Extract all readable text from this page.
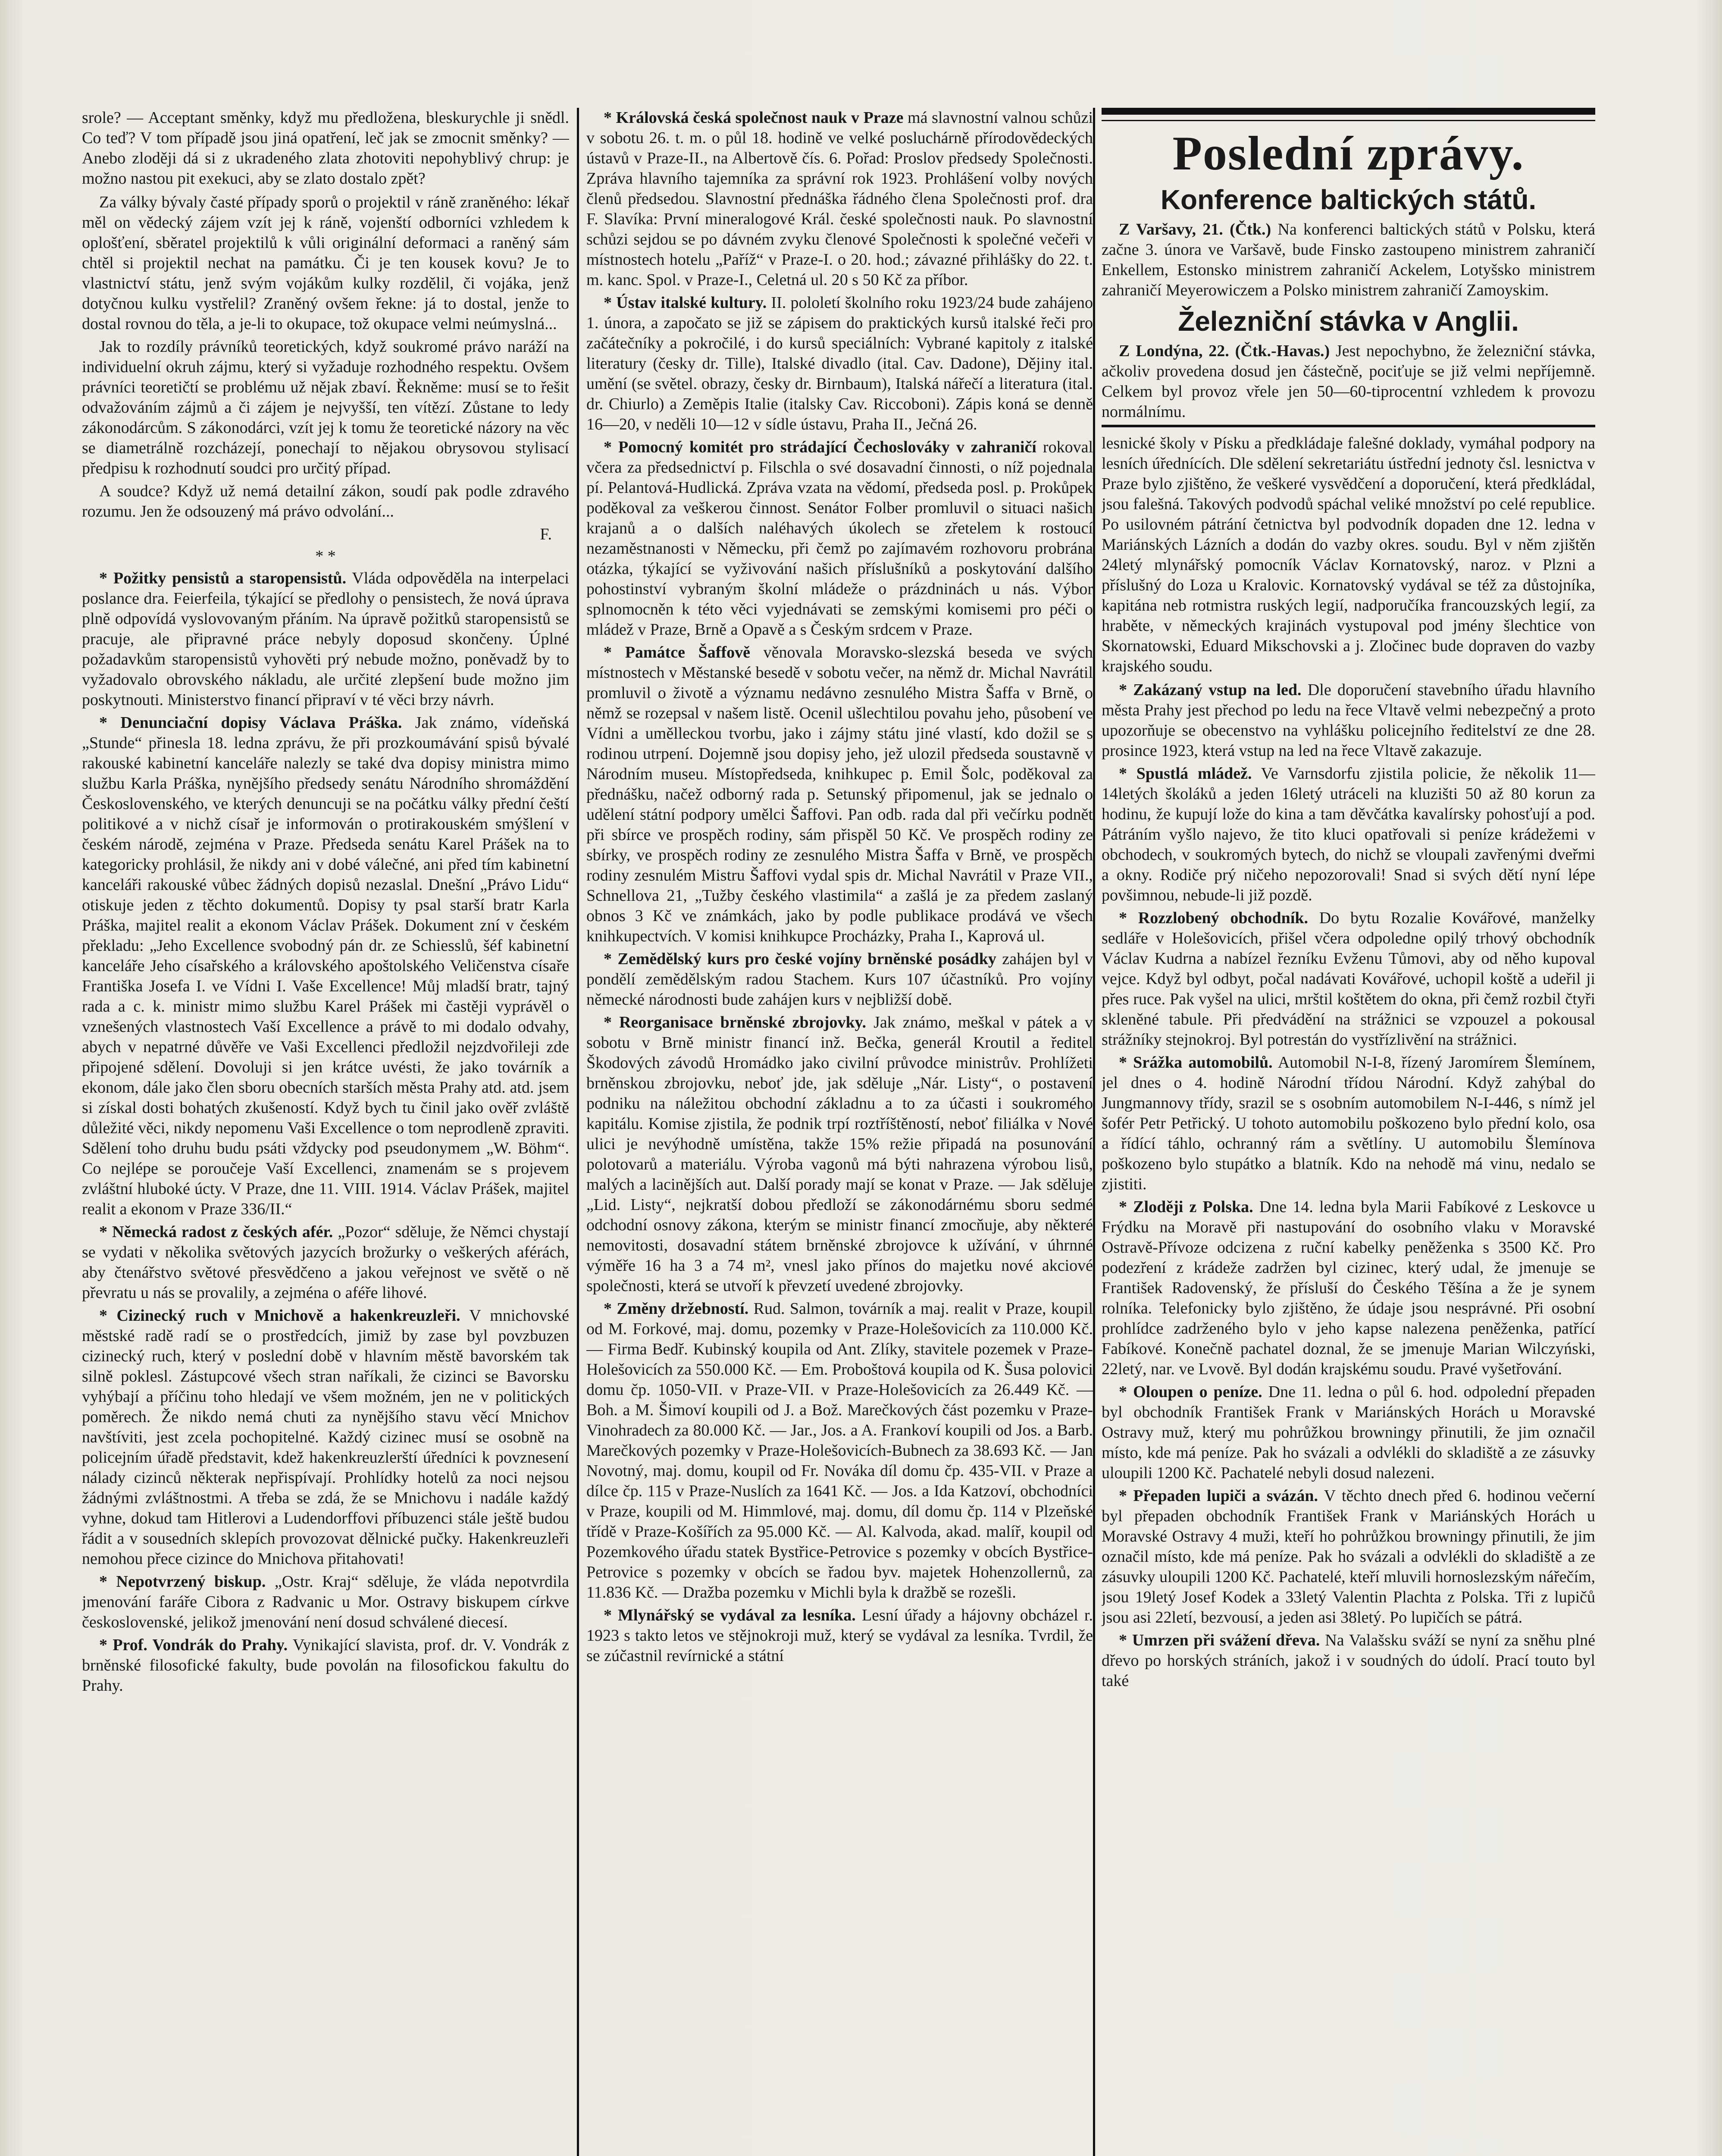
srole? — Acceptant směnky, když mu předložena, bleskurychle ji snědl. Co teď? V tom případě jsou jiná opatření, leč jak se zmocnit směnky? — Anebo zloději dá si z ukradeného zlata zhotoviti nepohyblivý chrup: je možno nastou pit exekuci, aby se zlato dostalo zpět?

Za války bývaly časté případy sporů o projektil v ráně zraněného: lékař měl on vědecký zájem vzít jej k ráně, vojenští odborníci vzhledem k oplošťení, sběratel projektilů k vůli originální deformaci a raněný sám chtěl si projektil nechat na památku. Či je ten kousek kovu? Je to vlastnictví státu, jenž svým vojákům kulky rozdělil, či vojáka, jenž dotyčnou kulku vystřelil? Zraněný ovšem řekne: já to dostal, jenže to dostal rovnou do těla, a je-li to okupace, tož okupace velmi neúmyslná...

Jak to rozdíly právníků teoretických, když soukromé právo naráží na individuelní okruh zájmu, který si vyžaduje rozhodného respektu. Ovšem právníci teoretičtí se problému už nějak zbaví. Řekněme: musí se to řešit odvažováním zájmů a či zájem je nejvyšší, ten vítězí. Zůstane to ledy zákonodárcům. S zákonodárci, vzít jej k tomu že teoretické názory na věc se diametrálně rozcházejí, ponechají to nějakou obrysovou stylisací předpisu k rozhodnutí soudci pro určitý případ.

A soudce? Když už nemá detailní zákon, soudí pak podle zdravého rozumu. Jen že odsouzený má právo odvolání...

F.
* *
* Požitky pensistů a staropensistů. Vláda odpověděla na interpelaci poslance dra. Feierfeila, týkající se předlohy o pensistech, že nová úprava plně odpovídá vyslovovaným přáním. Na úpravě požitků staropensistů se pracuje, ale připravné práce nebyly doposud skončeny. Úplné požadavkům staropensistů vyhověti prý nebude možno, poněvadž by to vyžadovalo obrovského nákladu, ale určité zlepšení bude možno jim poskytnouti. Ministerstvo financí připraví v té věci brzy návrh.
* Denunciační dopisy Václava Práška. Jak známo, vídeňská „Stunde“ přinesla 18. ledna zprávu, že při prozkoumávání spisů bývalé rakouské kabinetní kanceláře nalezly se také dva dopisy ministra mimo službu Karla Práška, nynějšího předsedy senátu Národního shromáždění Československého, ve kterých denuncuji se na počátku války přední čeští politikové a v nichž císař je informován o protirakouském smýšlení v českém národě, zejména v Praze. Předseda senátu Karel Prášek na to kategoricky prohlásil, že nikdy ani v dobé válečné, ani před tím kabinetní kanceláři rakouské vůbec žádných dopisů nezaslal. Dnešní „Právo Lidu“ otiskuje jeden z těchto dokumentů. Dopisy ty psal starší bratr Karla Práška, majitel realit a ekonom Václav Prášek. Dokument zní v českém překladu: „Jeho Excellence svobodný pán dr. ze Schiesslů, šéf kabinetní kanceláře Jeho císařského a královského apoštolského Veličenstva císaře Františka Josefa I. ve Vídni I. Vaše Excellence! Můj mladší bratr, tajný rada a c. k. ministr mimo službu Karel Prášek mi častěji vyprávěl o vznešených vlastnostech Vaší Excellence a právě to mi dodalo odvahy, abych v nepatrné důvěře ve Vaši Excellenci předložil nejzdvořileji zde připojené sdělení. Dovoluji si jen krátce uvésti, že jako továrník a ekonom, dále jako člen sboru obecních starších města Prahy atd. atd. jsem si získal dosti bohatých zkušeností. Když bych tu činil jako ověř zvláště důležité věci, nikdy nepomenu Vaši Excellence o tom neprodleně zpraviti. Sdělení toho druhu budu psáti vždycky pod pseudonymem „W. Böhm“. Co nejlépe se poroučeje Vaší Excellenci, znamenám se s projevem zvláštní hluboké úcty. V Praze, dne 11. VIII. 1914. Václav Prášek, majitel realit a ekonom v Praze 336/II.“
* Německá radost z českých afér. „Pozor“ sděluje, že Němci chystají se vydati v několika světových jazycích brožurky o veškerých aférách, aby čtenářstvo světové přesvědčeno a jakou veřejnost ve světě o ně převratu u nás se provalily, a zejména o aféře lihové.
* Cizinecký ruch v Mnichově a hakenkreuzleři. V mnichovské městské radě radí se o prostředcích, jimiž by zase byl povzbuzen cizinecký ruch, který v poslední době v hlavním městě bavorském tak silně poklesl. Zástupcové všech stran naříkali, že cizinci se Bavorsku vyhýbají a příčinu toho hledají ve všem možném, jen ne v politických poměrech. Že nikdo nemá chuti za nynějšího stavu věcí Mnichov navštíviti, jest zcela pochopitelné. Každý cizinec musí se osobně na policejním úřadě představit, kdež hakenkreuzlerští úředníci k povznesení nálady cizinců některak nepřispívají. Prohlídky hotelů za noci nejsou žádnými zvláštnostmi. A třeba se zdá, že se Mnichovu i nadále každý vyhne, dokud tam Hitlerovi a Ludendorffovi příbuzenci stále ještě budou řádit a v sousedních sklepích provozovat dělnické pučky. Hakenkreuzleři nemohou přece cizince do Mnichova přitahovati!
* Nepotvrzený biskup. „Ostr. Kraj“ sděluje, že vláda nepotvrdila jmenování faráře Cibora z Radvanic u Mor. Ostravy biskupem církve československé, jelikož jmenování není dosud schválené diecesí.
* Prof. Vondrák do Prahy. Vynikající slavista, prof. dr. V. Vondrák z brněnské filosofické fakulty, bude povolán na filosofickou fakultu do Prahy.
* Královská česká společnost nauk v Praze má slavnostní valnou schůzi v sobotu 26. t. m. o půl 18. hodině ve velké posluchárně přírodovědeckých ústavů v Praze-II., na Albertově čís. 6. Pořad: Proslov předsedy Společnosti. Zpráva hlavního tajemníka za správní rok 1923. Prohlášení volby nových členů předsedou. Slavnostní přednáška řádného člena Společnosti prof. dra F. Slavíka: První mineralogové Král. české společnosti nauk. Po slavnostní schůzi sejdou se po dávném zvyku členové Společnosti k společné večeři v místnostech hotelu „Paříž“ v Praze-I. o 20. hod.; závazné přihlášky do 22. t. m. kanc. Spol. v Praze-I., Celetná ul. 20 s 50 Kč za příbor.
* Ústav italské kultury. II. pololetí školního roku 1923/24 bude zahájeno 1. února, a započato se již se zápisem do praktických kursů italské řeči pro začátečníky a pokročilé, i do kursů speciálních: Vybrané kapitoly z italské literatury (česky dr. Tille), Italské divadlo (ital. Cav. Dadone), Dějiny ital. umění (se světel. obrazy, česky dr. Birnbaum), Italská nářečí a literatura (ital. dr. Chiurlo) a Zeměpis Italie (italsky Cav. Riccoboni). Zápis koná se denně 16—20, v neděli 10—12 v sídle ústavu, Praha II., Ječná 26.
* Pomocný komitét pro strádající Čechoslováky v zahraničí rokoval včera za předsednictví p. Filschla o své dosavadní činnosti, o níž pojednala pí. Pelantová-Hudlická. Zpráva vzata na vědomí, předseda posl. p. Prokůpek poděkoval za veškerou činnost. Senátor Folber promluvil o situaci našich krajanů a o dalších naléhavých úkolech se zřetelem k rostoucí nezaměstnanosti v Německu, při čemž po zajímavém rozhovoru probrána otázka, týkající se vyživování našich příslušníků a poskytování dalšího pohostinství vybraným školní mládeže o prázdninách u nás. Výbor splnomocněn k této věci vyjednávati se zemskými komisemi pro péči o mládež v Praze, Brně a Opavě a s Českým srdcem v Praze.
* Památce Šaffově věnovala Moravsko-slezská beseda ve svých místnostech v Městanské besedě v sobotu večer, na němž dr. Michal Navrátil promluvil o životě a významu nedávno zesnulého Mistra Šaffa v Brně, o němž se rozepsal v našem listě. Ocenil ušlechtilou povahu jeho, působení ve Vídni a umělleckou tvorbu, jako i zájmy státu jiné vlastí, kdo dožil se s rodinou utrpení. Dojemně jsou dopisy jeho, jež ulozil předseda soustavně v Národním museu. Místopředseda, knihkupec p. Emil Šolc, poděkoval za přednášku, načež odborný rada p. Setunský připomenul, jak se jednalo o udělení státní podpory umělci Šaffovi. Pan odb. rada dal při večírku podnět při sbírce ve prospěch rodiny, sám přispěl 50 Kč. Ve prospěch rodiny ze sbírky, ve prospěch rodiny ze zesnulého Mistra Šaffa v Brně, ve prospěch rodiny zesnulém Mistru Šaffovi vydal spis dr. Michal Navrátil v Praze VII., Schnellova 21, „Tužby českého vlastimila“ a zašlá je za předem zaslaný obnos 3 Kč ve známkách, jako by podle publikace prodává ve všech knihkupectvích. V komisi knihkupce Procházky, Praha I., Kaprová ul.
* Zemědělský kurs pro české vojíny brněnské posádky zahájen byl v pondělí zemědělským radou Stachem. Kurs 107 účastníků. Pro vojíny německé národnosti bude zahájen kurs v nejbližší době.
* Reorganisace brněnské zbrojovky. Jak známo, meškal v pátek a v sobotu v Brně ministr financí inž. Bečka, generál Kroutil a ředitel Škodových závodů Hromádko jako civilní průvodce ministrův. Prohlížeti brněnskou zbrojovku, neboť jde, jak sděluje „Nár. Listy“, o postavení podniku na náležitou obchodní základnu a to za účasti i soukromého kapitálu. Komise zjistila, že podnik trpí roztříštěností, neboť filiálka v Nové ulici je nevýhodně umístěna, takže 15% režie připadá na posunování polotovarů a materiálu. Výroba vagonů má býti nahrazena výrobou lisů, malých a lacinějších aut. Další porady mají se konat v Praze. — Jak sděluje „Lid. Listy“, nejkratší dobou předloží se zákonodárnému sboru sedmé odchodní osnovy zákona, kterým se ministr financí zmocňuje, aby některé nemovitosti, dosavadní státem brněnské zbrojovce k užívání, v úhrnné výměře 16 ha 3 a 74 m², vnesl jako přínos do majetku nové akciové společnosti, která se utvoří k převzetí uvedené zbrojovky.
* Změny držebností. Rud. Salmon, továrník a maj. realit v Praze, koupil od M. Forkové, maj. domu, pozemky v Praze-Holešovicích za 110.000 Kč. — Firma Bedř. Kubinský koupila od Ant. Zlíky, stavitele pozemek v Praze-Holešovicích za 550.000 Kč. — Em. Proboštová koupila od K. Šusa polovici domu čp. 1050-VII. v Praze-VII. v Praze-Holešovicích za 26.449 Kč. — Boh. a M. Šimoví koupili od J. a Bož. Marečkových část pozemku v Praze-Vinohradech za 80.000 Kč. — Jar., Jos. a A. Frankoví koupili od Jos. a Barb. Marečkových pozemky v Praze-Holešovicích-Bubnech za 38.693 Kč. — Jan Novotný, maj. domu, koupil od Fr. Nováka díl domu čp. 435-VII. v Praze a dílce čp. 115 v Praze-Nuslích za 1641 Kč. — Jos. a Ida Katzoví, obchodníci v Praze, koupili od M. Himmlové, maj. domu, díl domu čp. 114 v Plzeňské třídě v Praze-Košířích za 95.000 Kč. — Al. Kalvoda, akad. malíř, koupil od Pozemkového úřadu statek Bystřice-Petrovice s pozemky v obcích Bystřice-Petrovice s pozemky v obcích se řadou byv. majetek Hohenzollernů, za 11.836 Kč. — Dražba pozemku v Michli byla k dražbě se rozešli.
* Mlynářský se vydával za lesníka. Lesní úřady a hájovny obcházel r. 1923 s takto letos ve stějnokroji muž, který se vydával za lesníka. Tvrdil, že se zúčastnil revírnické a státní
Poslední zprávy.
Konference baltických států.

Z Varšavy, 21. (Čtk.) Na konferenci baltických států v Polsku, která začne 3. února ve Varšavě, bude Finsko zastoupeno ministrem zahraničí Enkellem, Estonsko ministrem zahraničí Ackelem, Lotyšsko ministrem zahraničí Meyerowiczem a Polsko ministrem zahraničí Zamoyskim.

Železniční stávka v Anglii.

Z Londýna, 22. (Čtk.-Havas.) Jest nepochybno, že železniční stávka, ačkoliv provedena dosud jen částečně, pociťuje se již velmi nepříjemně. Celkem byl provoz vřele jen 50—60-tiprocentní vzhledem k provozu normálnímu.

lesnické školy v Písku a předkládaje falešné doklady, vymáhal podpory na lesních úřednících. Dle sdělení sekretariátu ústřední jednoty čsl. lesnictva v Praze bylo zjištěno, že veškeré vysvědčení a doporučení, která předkládal, jsou falešná. Takových podvodů spáchal veliké množství po celé republice. Po usilovném pátrání četnictva byl podvodník dopaden dne 12. ledna v Mariánských Lázních a dodán do vazby okres. soudu. Byl v něm zjištěn 24letý mlynářský pomocník Václav Kornatovský, naroz. v Plzni a příslušný do Loza u Kralovic. Kornatovský vydával se též za důstojníka, kapitána neb rotmistra ruských legií, nadporučíka francouzských legií, za hraběte, v německých krajinách vystupoval pod jmény šlechtice von Skornatowski, Eduard Mikschovski a j. Zločinec bude dopraven do vazby krajského soudu.
* Zakázaný vstup na led. Dle doporučení stavebního úřadu hlavního města Prahy jest přechod po ledu na řece Vltavě velmi nebezpečný a proto upozorňuje se obecenstvo na vyhlášku policejního ředitelství ze dne 28. prosince 1923, která vstup na led na řece Vltavě zakazuje.
* Spustlá mládež. Ve Varnsdorfu zjistila policie, že několik 11—14letých školáků a jeden 16letý utráceli na kluzišti 50 až 80 korun za hodinu, že kupují lože do kina a tam děvčátka kavalírsky pohosťují a pod. Pátráním vyšlo najevo, že tito kluci opatřovali si peníze krádežemi v obchodech, v soukromých bytech, do nichž se vloupali zavřenými dveřmi a okny. Rodiče prý ničeho nepozorovali! Snad si svých dětí nyní lépe povšimnou, nebude-li již pozdě.
* Rozzlobený obchodník. Do bytu Rozalie Kovářové, manželky sedláře v Holešovicích, přišel včera odpoledne opilý trhový obchodník Václav Kudrna a nabízel řezníku Evženu Tůmovi, aby od něho kupoval vejce. Když byl odbyt, počal nadávati Kovářové, uchopil koště a udeřil ji přes ruce. Pak vyšel na ulici, mrštil koštětem do okna, při čemž rozbil čtyři skleněné tabule. Při předvádění na strážnici se vzpouzel a pokousal strážníky stejnokroj. Byl potrestán do vystřízlivění na strážnici.
* Srážka automobilů. Automobil N-I-8, řízený Jaromírem Šlemínem, jel dnes o 4. hodině Národní třídou Národní. Když zahýbal do Jungmannovy třídy, srazil se s osobním automobilem N-I-446, s nímž jel šofér Petr Petřický. U tohoto automobilu poškozeno bylo přední kolo, osa a řídící táhlo, ochranný rám a světlíny. U automobilu Šlemínova poškozeno bylo stupátko a blatník. Kdo na nehodě má vinu, nedalo se zjistiti.
* Zloději z Polska. Dne 14. ledna byla Marii Fabíkové z Leskovce u Frýdku na Moravě při nastupování do osobního vlaku v Moravské Ostravě-Přívoze odcizena z ruční kabelky peněženka s 3500 Kč. Pro podezření z krádeže zadržen byl cizinec, který udal, že jmenuje se František Radovenský, že přísluší do Českého Těšína a že je synem rolníka. Telefonicky bylo zjištěno, že údaje jsou nesprávné. Při osobní prohlídce zadrženého bylo v jeho kapse nalezena peněženka, patřící Fabíkové. Konečně pachatel doznal, že se jmenuje Marian Wilczyński, 22letý, nar. ve Lvově. Byl dodán krajskému soudu. Pravé vyšetřování.
* Oloupen o peníze. Dne 11. ledna o půl 6. hod. odpolední přepaden byl obchodník František Frank v Mariánských Horách u Moravské Ostravy muž, který mu pohrůžkou browningy přinutili, že jim označil místo, kde má peníze. Pak ho svázali a odvlékli do skladiště a ze zásuvky uloupili 1200 Kč. Pachatelé nebyli dosud nalezeni.
* Přepaden lupiči a svázán. V těchto dnech před 6. hodinou večerní byl přepaden obchodník František Frank v Mariánských Horách u Moravské Ostravy 4 muži, kteří ho pohrůžkou browningy přinutili, že jim označil místo, kde má peníze. Pak ho svázali a odvlékli do skladiště a ze zásuvky uloupili 1200 Kč. Pachatelé, kteří mluvili hornoslezským nářečím, jsou 19letý Josef Kodek a 33letý Valentin Plachta z Polska. Tři z lupičů jsou asi 22letí, bezvousí, a jeden asi 38letý. Po lupičích se pátrá.
* Umrzen při svážení dřeva. Na Valašsku sváží se nyní za sněhu plné dřevo po horských stráních, jakož i v soudných do údolí. Prací touto byl také
